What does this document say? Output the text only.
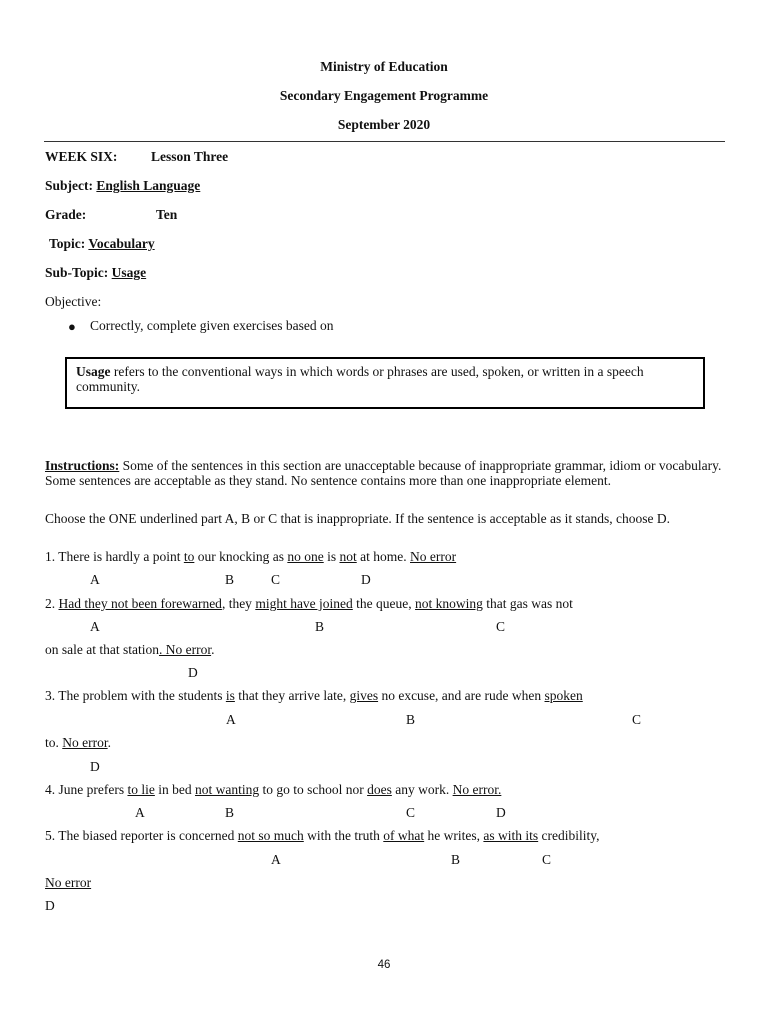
Ministry of Education
Secondary Engagement Programme
September 2020
WEEK SIX: Lesson Three
Subject: English Language
Grade:	Ten
Topic: Vocabulary
Sub-Topic: Usage
Objective:
● Correctly, complete given exercises based on
Usage refers to the conventional ways in which words or phrases are used, spoken, or written in a speech community.
Instructions: Some of the sentences in this section are unacceptable because of inappropriate grammar, idiom or vocabulary. Some sentences are acceptable as they stand. No sentence contains more than one inappropriate element.
Choose the ONE underlined part A, B or C that is inappropriate. If the sentence is acceptable as it stands, choose D.
1. There is hardly a point to our knocking as no one is not at home. No error
A	B	C	D
2. Had they not been forewarned, they might have joined the queue, not knowing that gas was not
A	B	C
on sale at that station. No error.
D
3. The problem with the students is that they arrive late, gives no excuse, and are rude when spoken
A	B	C
to. No error.
D
4. June prefers to lie in bed not wanting to go to school nor does any work. No error.
A	B	C	D
5. The biased reporter is concerned not so much with the truth of what he writes, as with its credibility,
A	B	C
No error
D
46
